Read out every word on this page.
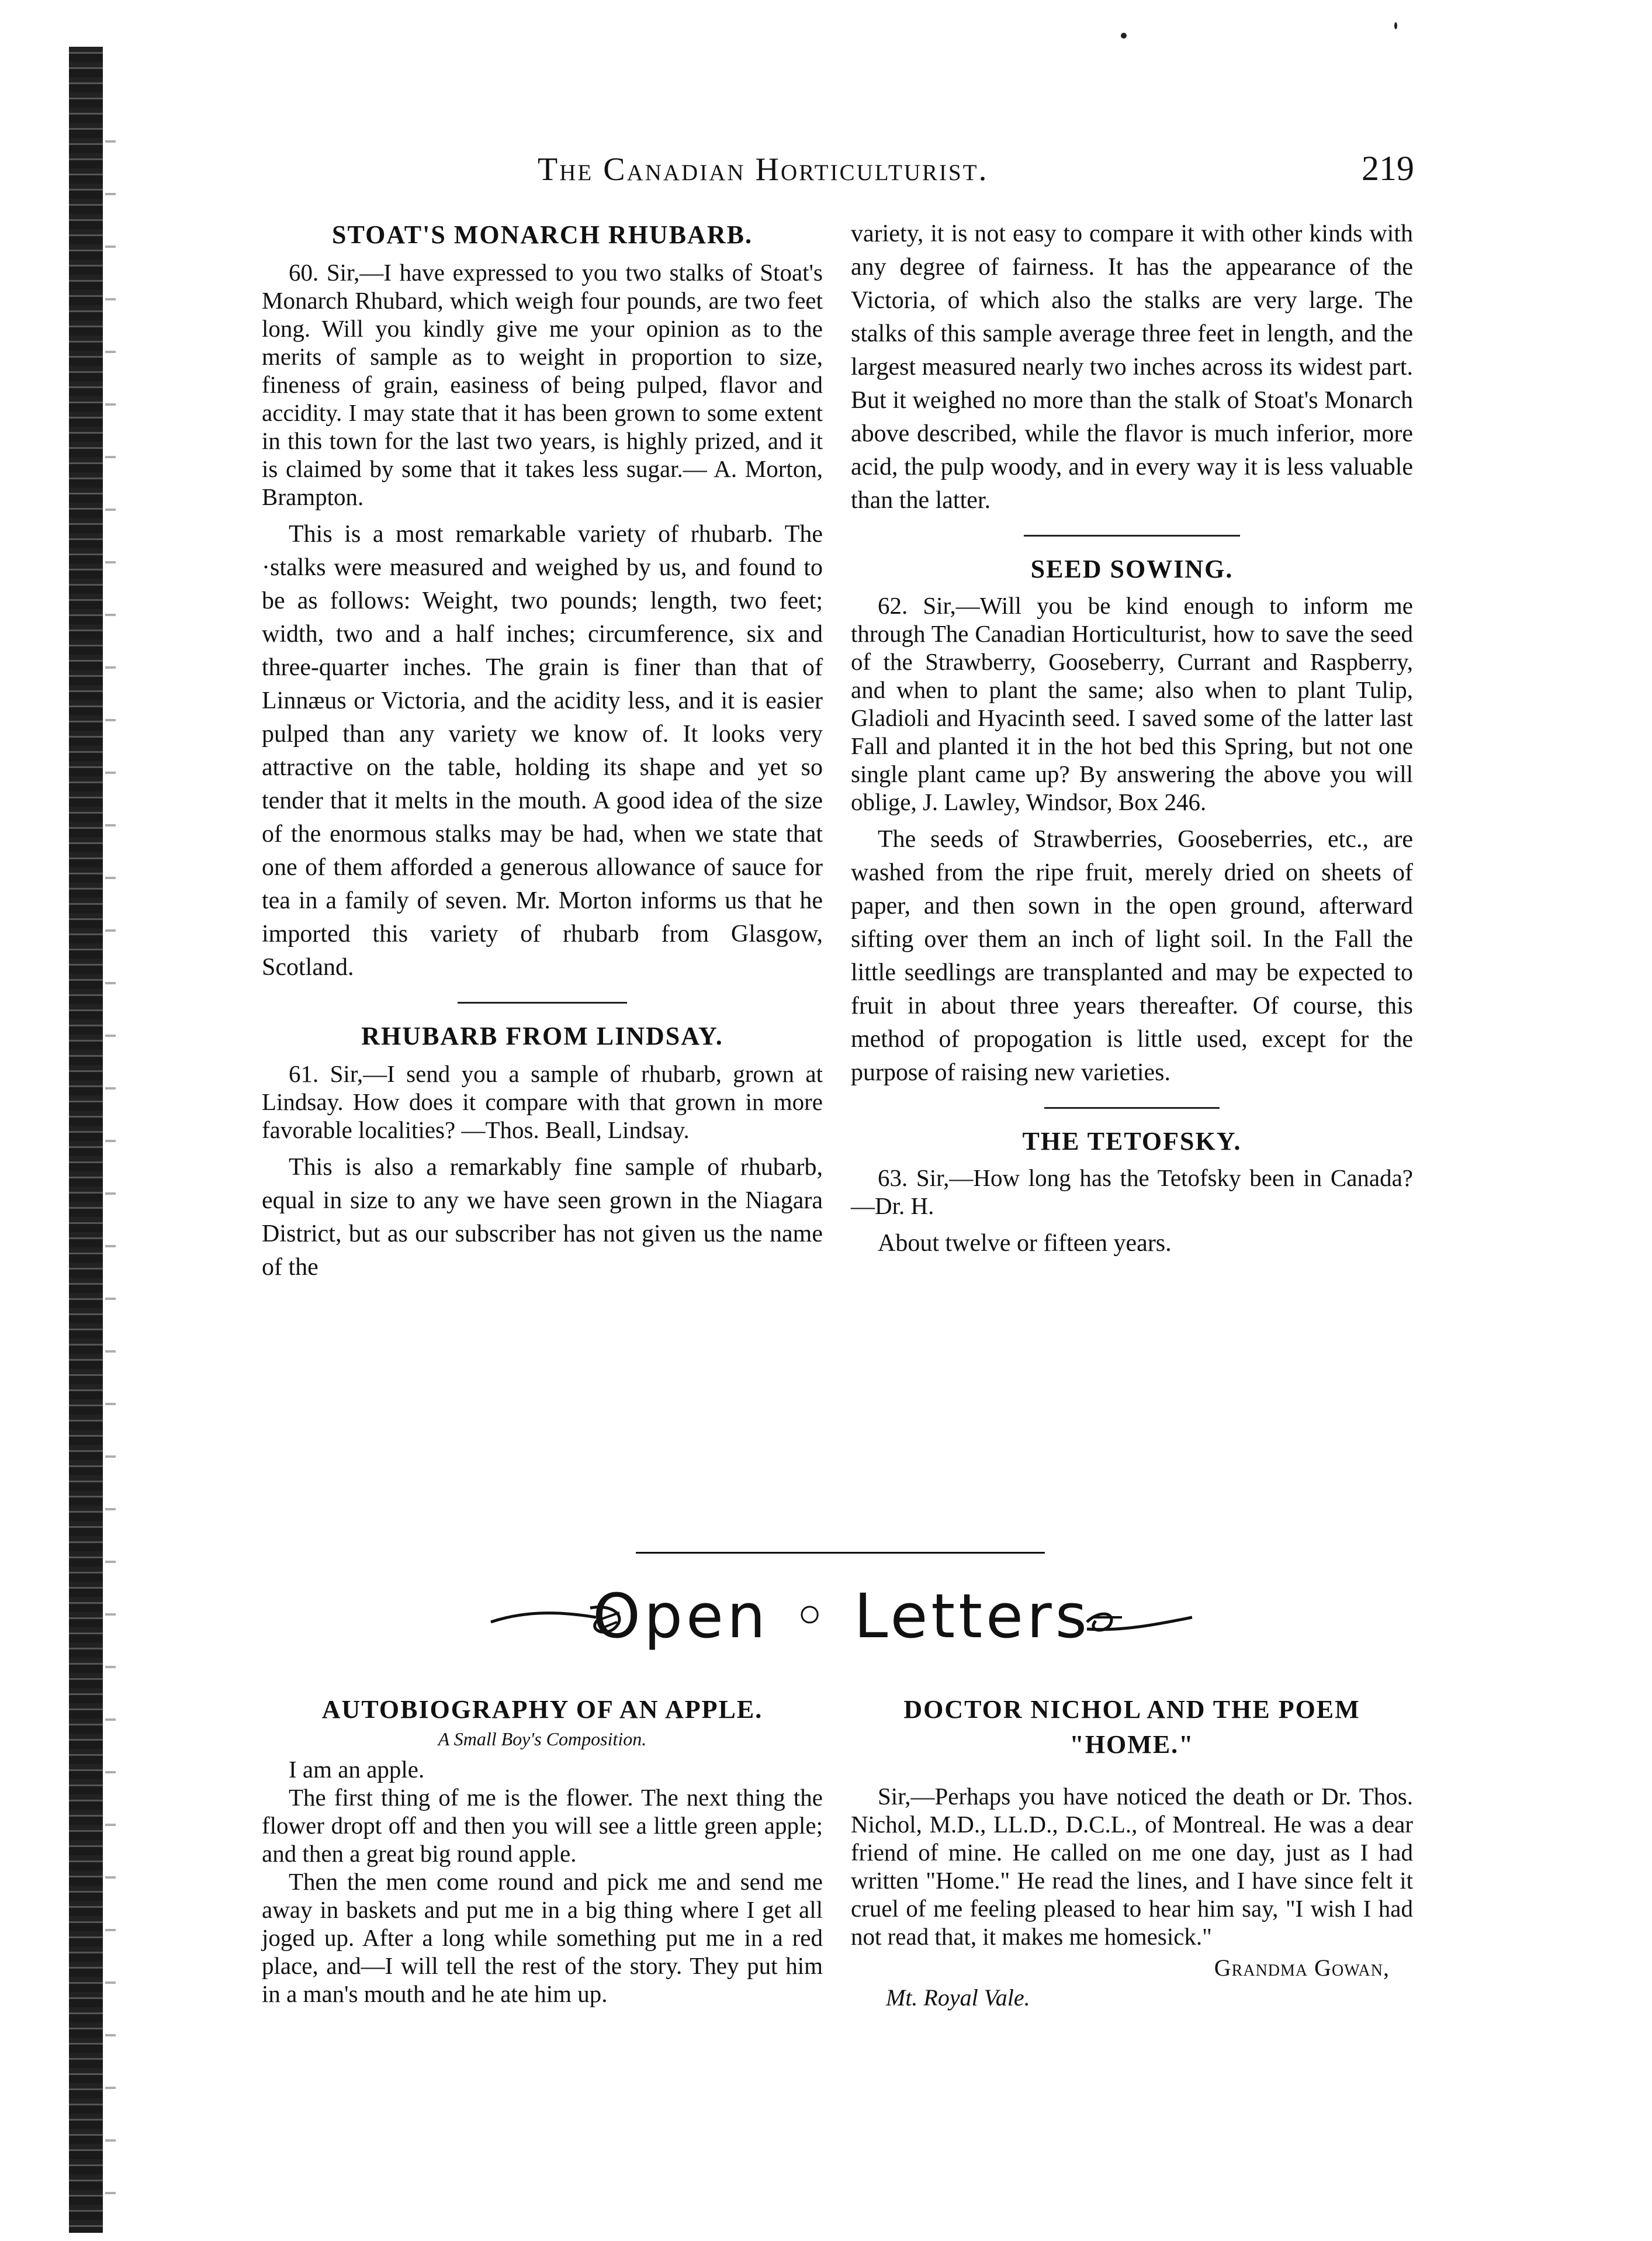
The Canadian Horticulturist.	219
STOAT'S MONARCH RHUBARB.

60. Sir,—I have expressed to you two stalks of Stoat's Monarch Rhubard, which weigh four pounds, are two feet long. Will you kindly give me your opinion as to the merits of sample as to weight in proportion to size, fineness of grain, easiness of being pulped, flavor and accidity. I may state that it has been grown to some extent in this town for the last two years, is highly prized, and it is claimed by some that it takes less sugar.— A. Morton, Brampton.

This is a most remarkable variety of rhubarb. The ·stalks were measured and weighed by us, and found to be as follows: Weight, two pounds; length, two feet; width, two and a half inches; circumference, six and three-quarter inches. The grain is finer than that of Linnæus or Victoria, and the acidity less, and it is easier pulped than any variety we know of. It looks very attractive on the table, holding its shape and yet so tender that it melts in the mouth. A good idea of the size of the enormous stalks may be had, when we state that one of them afforded a generous allowance of sauce for tea in a family of seven. Mr. Morton informs us that he imported this variety of rhubarb from Glasgow, Scotland.

RHUBARB FROM LINDSAY.

61. Sir,—I send you a sample of rhubarb, grown at Lindsay. How does it compare with that grown in more favorable localities? —Thos. Beall, Lindsay.

This is also a remarkably fine sample of rhubarb, equal in size to any we have seen grown in the Niagara District, but as our subscriber has not given us the name of the

variety, it is not easy to compare it with other kinds with any degree of fairness. It has the appearance of the Victoria, of which also the stalks are very large. The stalks of this sample average three feet in length, and the largest measured nearly two inches across its widest part. But it weighed no more than the stalk of Stoat's Monarch above described, while the flavor is much inferior, more acid, the pulp woody, and in every way it is less valuable than the latter.

SEED SOWING.

62. Sir,—Will you be kind enough to inform me through The Canadian Horticulturist, how to save the seed of the Strawberry, Gooseberry, Currant and Raspberry, and when to plant the same; also when to plant Tulip, Gladioli and Hyacinth seed. I saved some of the latter last Fall and planted it in the hot bed this Spring, but not one single plant came up? By answering the above you will oblige, J. Lawley, Windsor, Box 246.

The seeds of Strawberries, Gooseberries, etc., are washed from the ripe fruit, merely dried on sheets of paper, and then sown in the open ground, afterward sifting over them an inch of light soil. In the Fall the little seedlings are transplanted and may be expected to fruit in about three years thereafter. Of course, this method of propogation is little used, except for the purpose of raising new varieties.

THE TETOFSKY.

63. Sir,—How long has the Tetofsky been in Canada?—Dr. H.

About twelve or fifteen years.

Open ◦ Letters
AUTOBIOGRAPHY OF AN APPLE.
A Small Boy's Composition.

I am an apple.

The first thing of me is the flower. The next thing the flower dropt off and then you will see a little green apple; and then a great big round apple.

Then the men come round and pick me and send me away in baskets and put me in a big thing where I get all joged up. After a long while something put me in a red place, and—I will tell the rest of the story. They put him in a man's mouth and he ate him up.

DOCTOR NICHOL AND THE POEM
"HOME."

Sir,—Perhaps you have noticed the death or Dr. Thos. Nichol, M.D., LL.D., D.C.L., of Montreal. He was a dear friend of mine. He called on me one day, just as I had written "Home." He read the lines, and I have since felt it cruel of me feeling pleased to hear him say, "I wish I had not read that, it makes me homesick."

Grandma Gowan,
Mt. Royal Vale.
